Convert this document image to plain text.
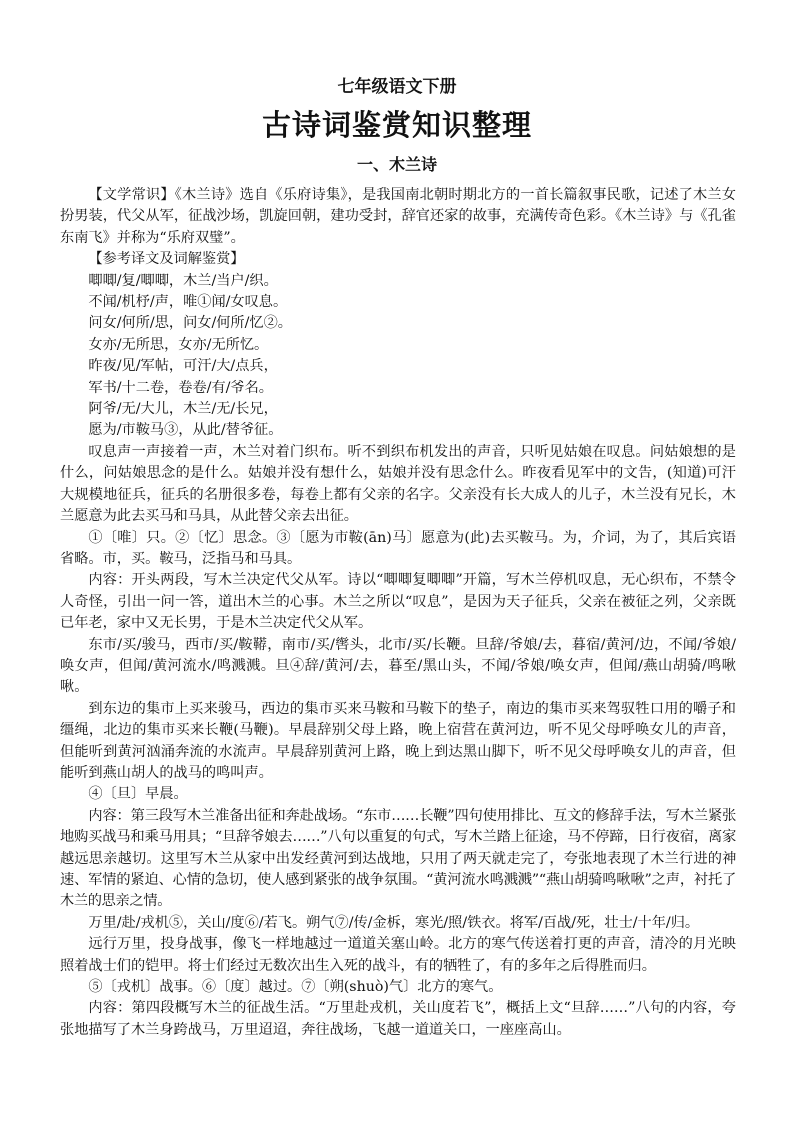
七年级语文下册
古诗词鉴赏知识整理
一、木兰诗

【文学常识】《木兰诗》选自《乐府诗集》，是我国南北朝时期北方的一首长篇叙事民歌，记述了木兰女扮男装，代父从军，征战沙场，凯旋回朝，建功受封，辞官还家的故事，充满传奇色彩。《木兰诗》与《孔雀东南飞》并称为“乐府双璧”。

【参考译文及词解鉴赏】

唧唧/复/唧唧，木兰/当户/织。

不闻/机杼/声，唯①闻/女叹息。

问女/何所/思，问女/何所/忆②。

女亦/无所思，女亦/无所忆。

昨夜/见/军帖，可汗/大/点兵，

军书/十二卷，卷卷/有/爷名。

阿爷/无/大儿，木兰/无/长兄，

愿为/市鞍马③，从此/替爷征。

叹息声一声接着一声，木兰对着门织布。听不到织布机发出的声音，只听见姑娘在叹息。问姑娘想的是什么，问姑娘思念的是什么。姑娘并没有想什么，姑娘并没有思念什么。昨夜看见军中的文告，(知道)可汗大规模地征兵，征兵的名册很多卷，每卷上都有父亲的名字。父亲没有长大成人的儿子，木兰没有兄长，木兰愿意为此去买马和马具，从此替父亲去出征。

①〔唯〕只。②〔忆〕思念。③〔愿为市鞍(ān)马〕愿意为(此)去买鞍马。为，介词，为了，其后宾语省略。市，买。鞍马，泛指马和马具。

内容：开头两段，写木兰决定代父从军。诗以“唧唧复唧唧”开篇，写木兰停机叹息，无心织布，不禁令人奇怪，引出一问一答，道出木兰的心事。木兰之所以“叹息”，是因为天子征兵，父亲在被征之列，父亲既已年老，家中又无长男，于是木兰决定代父从军。

东市/买/骏马，西市/买/鞍鞯，南市/买/辔头，北市/买/长鞭。旦辞/爷娘/去，暮宿/黄河/边，不闻/爷娘/唤女声，但闻/黄河流水/鸣溅溅。旦④辞/黄河/去，暮至/黑山头，不闻/爷娘/唤女声，但闻/燕山胡骑/鸣啾啾。

到东边的集市上买来骏马，西边的集市买来马鞍和马鞍下的垫子，南边的集市买来驾驭牲口用的嚼子和缰绳，北边的集市买来长鞭(马鞭)。早晨辞别父母上路，晚上宿营在黄河边，听不见父母呼唤女儿的声音，但能听到黄河汹涌奔流的水流声。早晨辞别黄河上路，晚上到达黑山脚下，听不见父母呼唤女儿的声音，但能听到燕山胡人的战马的鸣叫声。

④〔旦〕早晨。

内容：第三段写木兰准备出征和奔赴战场。“东市……长鞭”四句使用排比、互文的修辞手法，写木兰紧张地购买战马和乘马用具；“旦辞爷娘去……”八句以重复的句式，写木兰踏上征途，马不停蹄，日行夜宿，离家越远思亲越切。这里写木兰从家中出发经黄河到达战地，只用了两天就走完了，夸张地表现了木兰行进的神速、军情的紧迫、心情的急切，使人感到紧张的战争氛围。“黄河流水鸣溅溅”“燕山胡骑鸣啾啾”之声，衬托了木兰的思亲之情。

万里/赴/戎机⑤，关山/度⑥/若飞。朔气⑦/传/金柝，寒光/照/铁衣。将军/百战/死，壮士/十年/归。

远行万里，投身战事，像飞一样地越过一道道关塞山岭。北方的寒气传送着打更的声音，清冷的月光映照着战士们的铠甲。将士们经过无数次出生入死的战斗，有的牺牲了，有的多年之后得胜而归。

⑤〔戎机〕战事。⑥〔度〕越过。⑦〔朔(shuò)气〕北方的寒气。

内容：第四段概写木兰的征战生活。“万里赴戎机，关山度若飞”，概括上文“旦辞……”八句的内容，夸张地描写了木兰身跨战马，万里迢迢，奔往战场，飞越一道道关口，一座座高山。
